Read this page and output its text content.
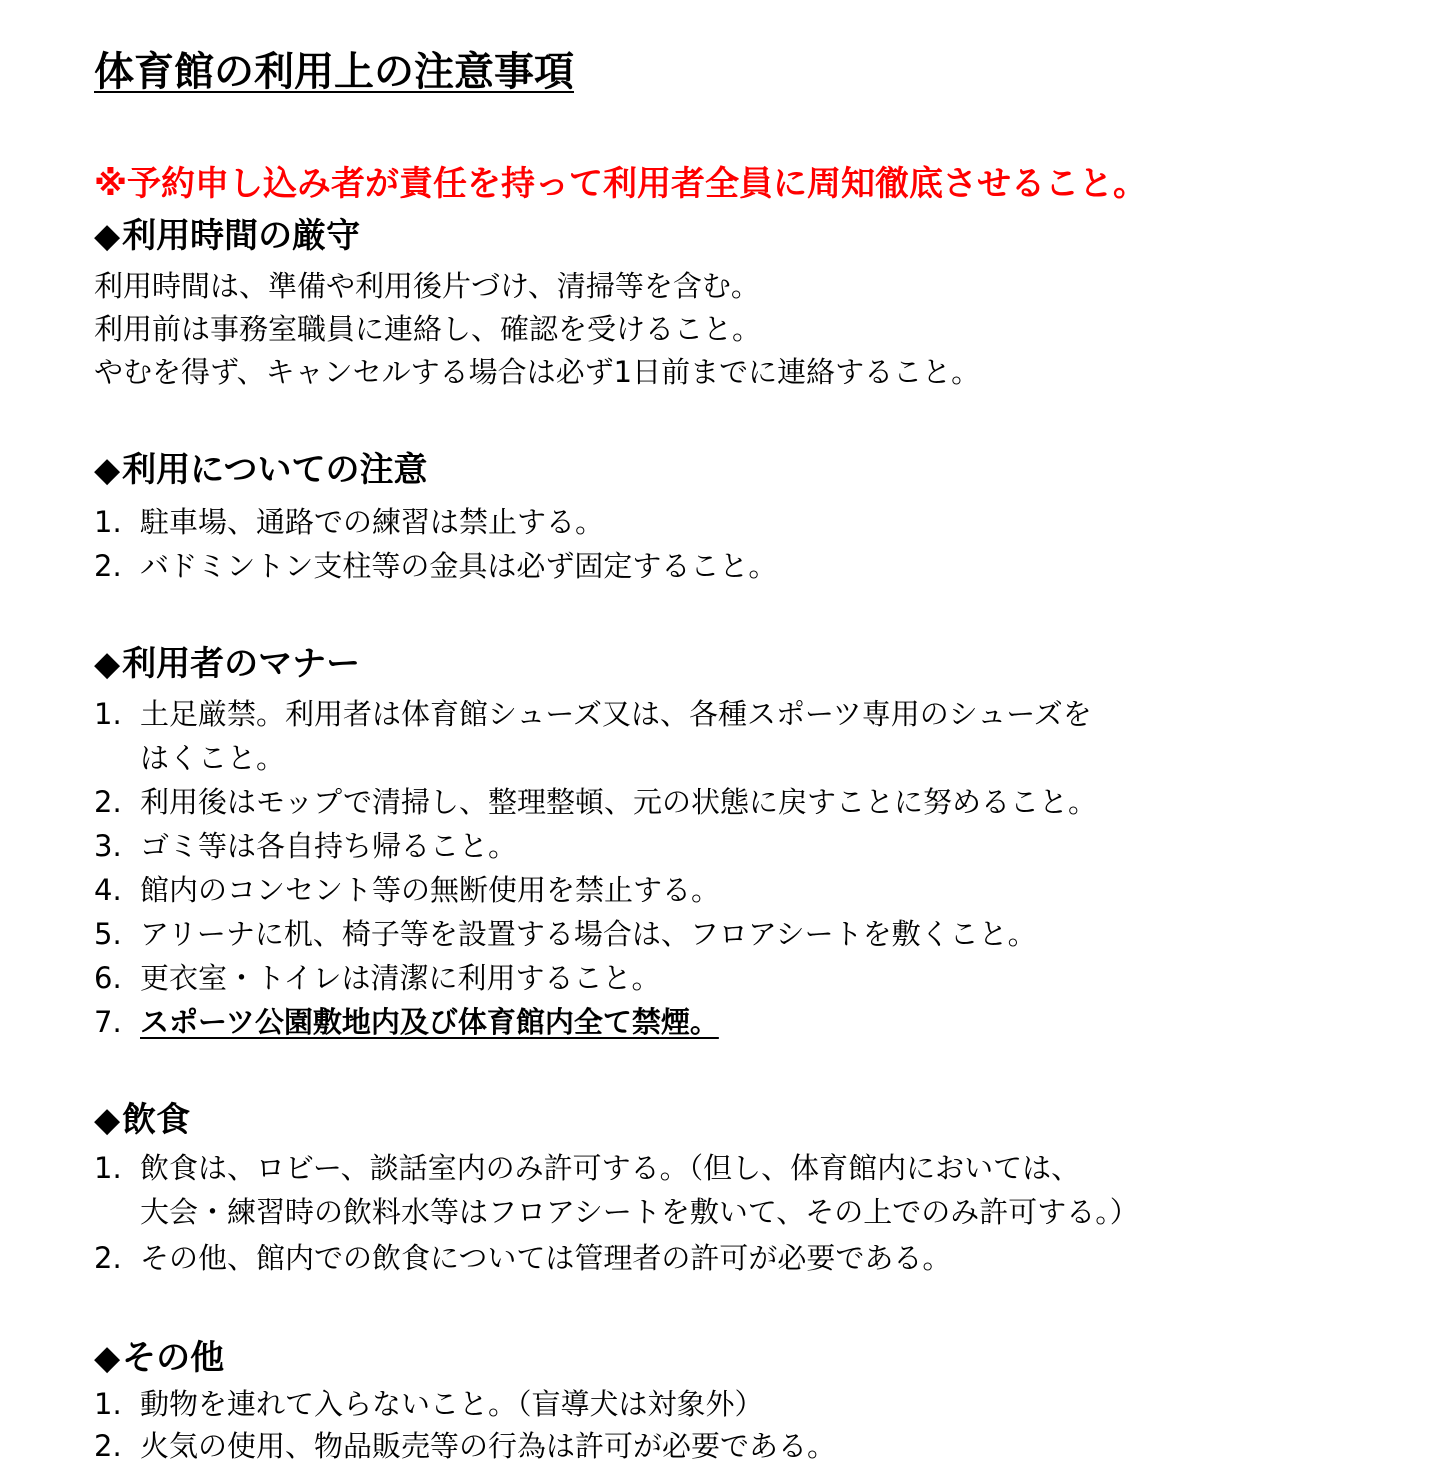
体育館の利用上の注意事項
※予約申し込み者が責任を持って利用者全員に周知徹底させること。
◆利用時間の厳守
利用時間は、準備や利用後片づけ、清掃等を含む。
利用前は事務室職員に連絡し、確認を受けること。
やむを得ず、キャンセルする場合は必ず1日前までに連絡すること。
◆利用についての注意
1. 駐車場、通路での練習は禁止する。
2. バドミントン支柱等の金具は必ず固定すること。
◆利用者のマナー
1. 土足厳禁。利用者は体育館シューズ又は、各種スポーツ専用のシューズを
はくこと。
2. 利用後はモップで清掃し、整理整頓、元の状態に戻すことに努めること。
3. ゴミ等は各自持ち帰ること。
4. 館内のコンセント等の無断使用を禁止する。
5. アリーナに机、椅子等を設置する場合は、フロアシートを敷くこと。
6. 更衣室・トイレは清潔に利用すること。
7. スポーツ公園敷地内及び体育館内全て禁煙。
◆飲食
1. 飲食は、ロビー、談話室内のみ許可する。（但し、体育館内においては、
大会・練習時の飲料水等はフロアシートを敷いて、その上でのみ許可する。）
2. その他、館内での飲食については管理者の許可が必要である。
◆その他
1. 動物を連れて入らないこと。（盲導犬は対象外）
2. 火気の使用、物品販売等の行為は許可が必要である。
